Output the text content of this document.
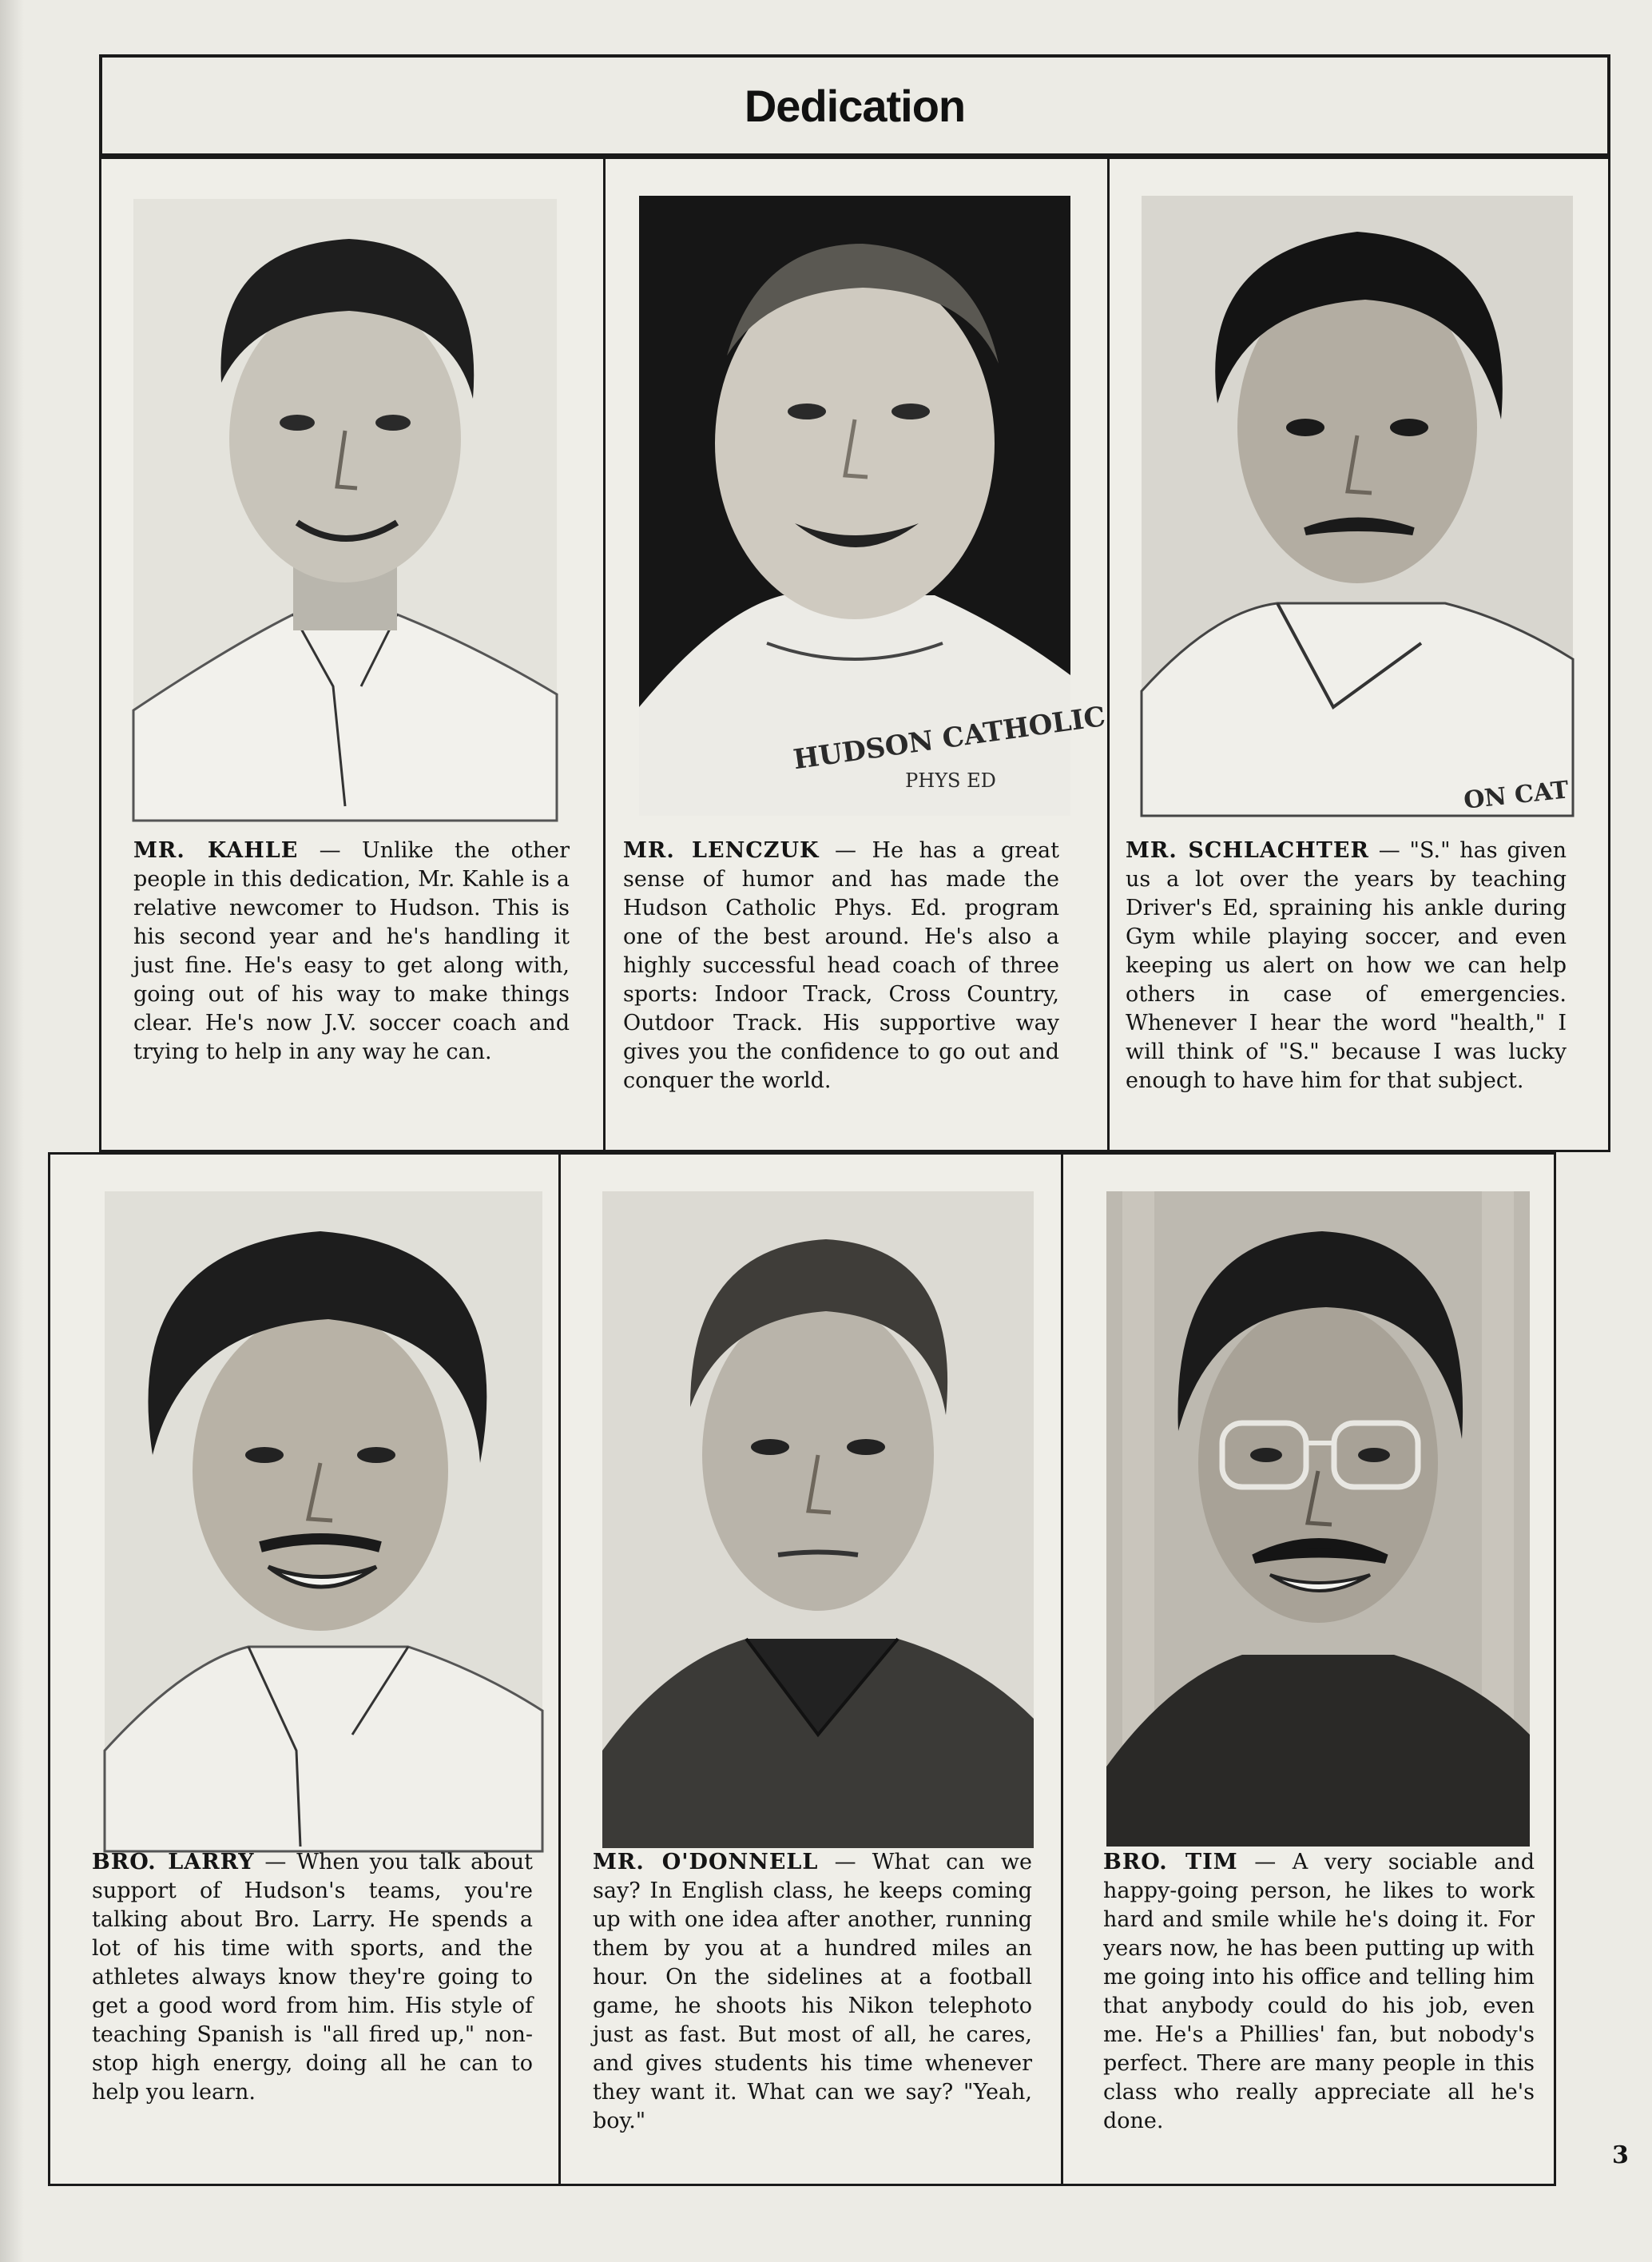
Dedication
MR. KAHLE — Unlike the other people in this dedication, Mr. Kahle is a relative newcomer to Hudson. This is his second year and he's handling it just fine. He's easy to get along with, going out of his way to make things clear. He's now J.V. soccer coach and trying to help in any way he can.
HUDSON CATHOLIC
PHYS ED
MR. LENCZUK — He has a great sense of humor and has made the Hudson Catholic Phys. Ed. program one of the best around. He's also a highly successful head coach of three sports: Indoor Track, Cross Country, Outdoor Track. His supportive way gives you the confidence to go out and conquer the world.
ON CAT
MR. SCHLACHTER — "S." has given us a lot over the years by teaching Driver's Ed, spraining his ankle during Gym while playing soccer, and even keeping us alert on how we can help others in case of emergencies. Whenever I hear the word "health," I will think of "S." because I was lucky enough to have him for that subject.
BRO. LARRY — When you talk about support of Hudson's teams, you're talking about Bro. Larry. He spends a lot of his time with sports, and the athletes always know they're going to get a good word from him. His style of teaching Spanish is "all fired up," non-stop high energy, doing all he can to help you learn.
MR. O'DONNELL — What can we say? In English class, he keeps coming up with one idea after another, running them by you at a hundred miles an hour. On the sidelines at a football game, he shoots his Nikon telephoto just as fast. But most of all, he cares, and gives students his time whenever they want it. What can we say? "Yeah, boy."
BRO. TIM — A very sociable and happy-going person, he likes to work hard and smile while he's doing it. For years now, he has been putting up with me going into his office and telling him that anybody could do his job, even me. He's a Phillies' fan, but nobody's perfect. There are many people in this class who really appreciate all he's done.
3
